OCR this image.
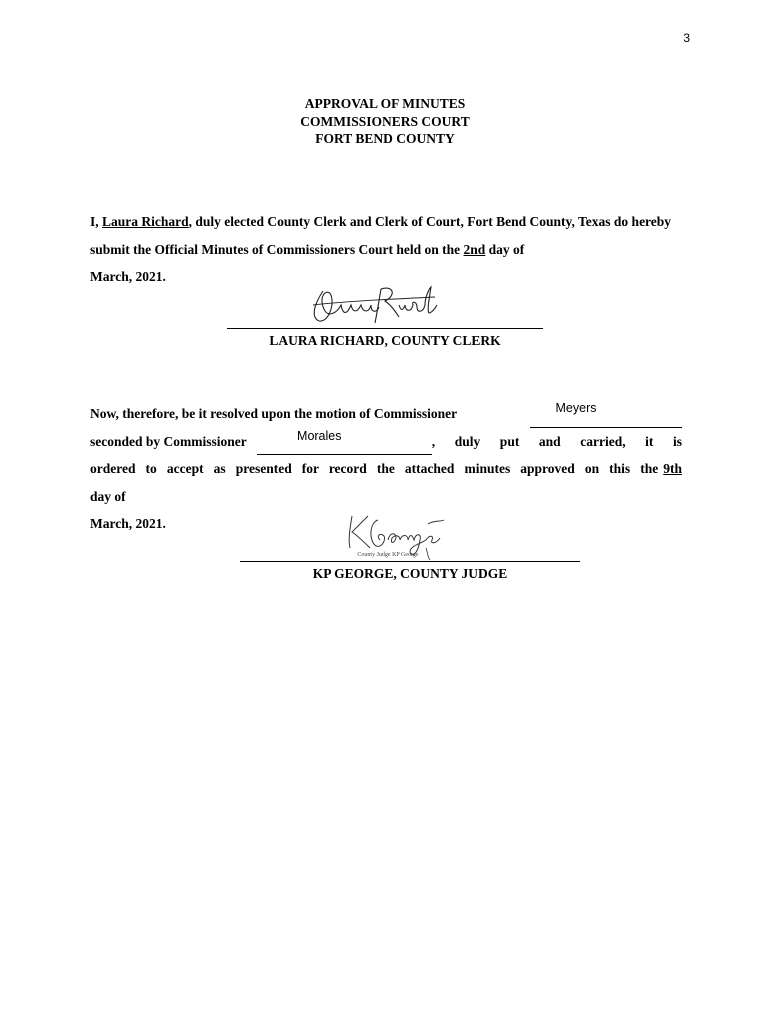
3
APPROVAL OF MINUTES
COMMISSIONERS COURT
FORT BEND COUNTY
I, Laura Richard, duly elected County Clerk and Clerk of Court, Fort Bend County, Texas do hereby submit the Official Minutes of Commissioners Court held on the 2nd day of
March, 2021.
LAURA RICHARD, COUNTY CLERK
Now, therefore, be it resolved upon the motion of Commissioner	Meyers
seconded by Commissioner	Morales	, duly put and carried, it is
ordered to accept as presented for record the attached minutes approved on this the 9th
day of
March, 2021.
County Judge KP George
KP GEORGE, COUNTY JUDGE
